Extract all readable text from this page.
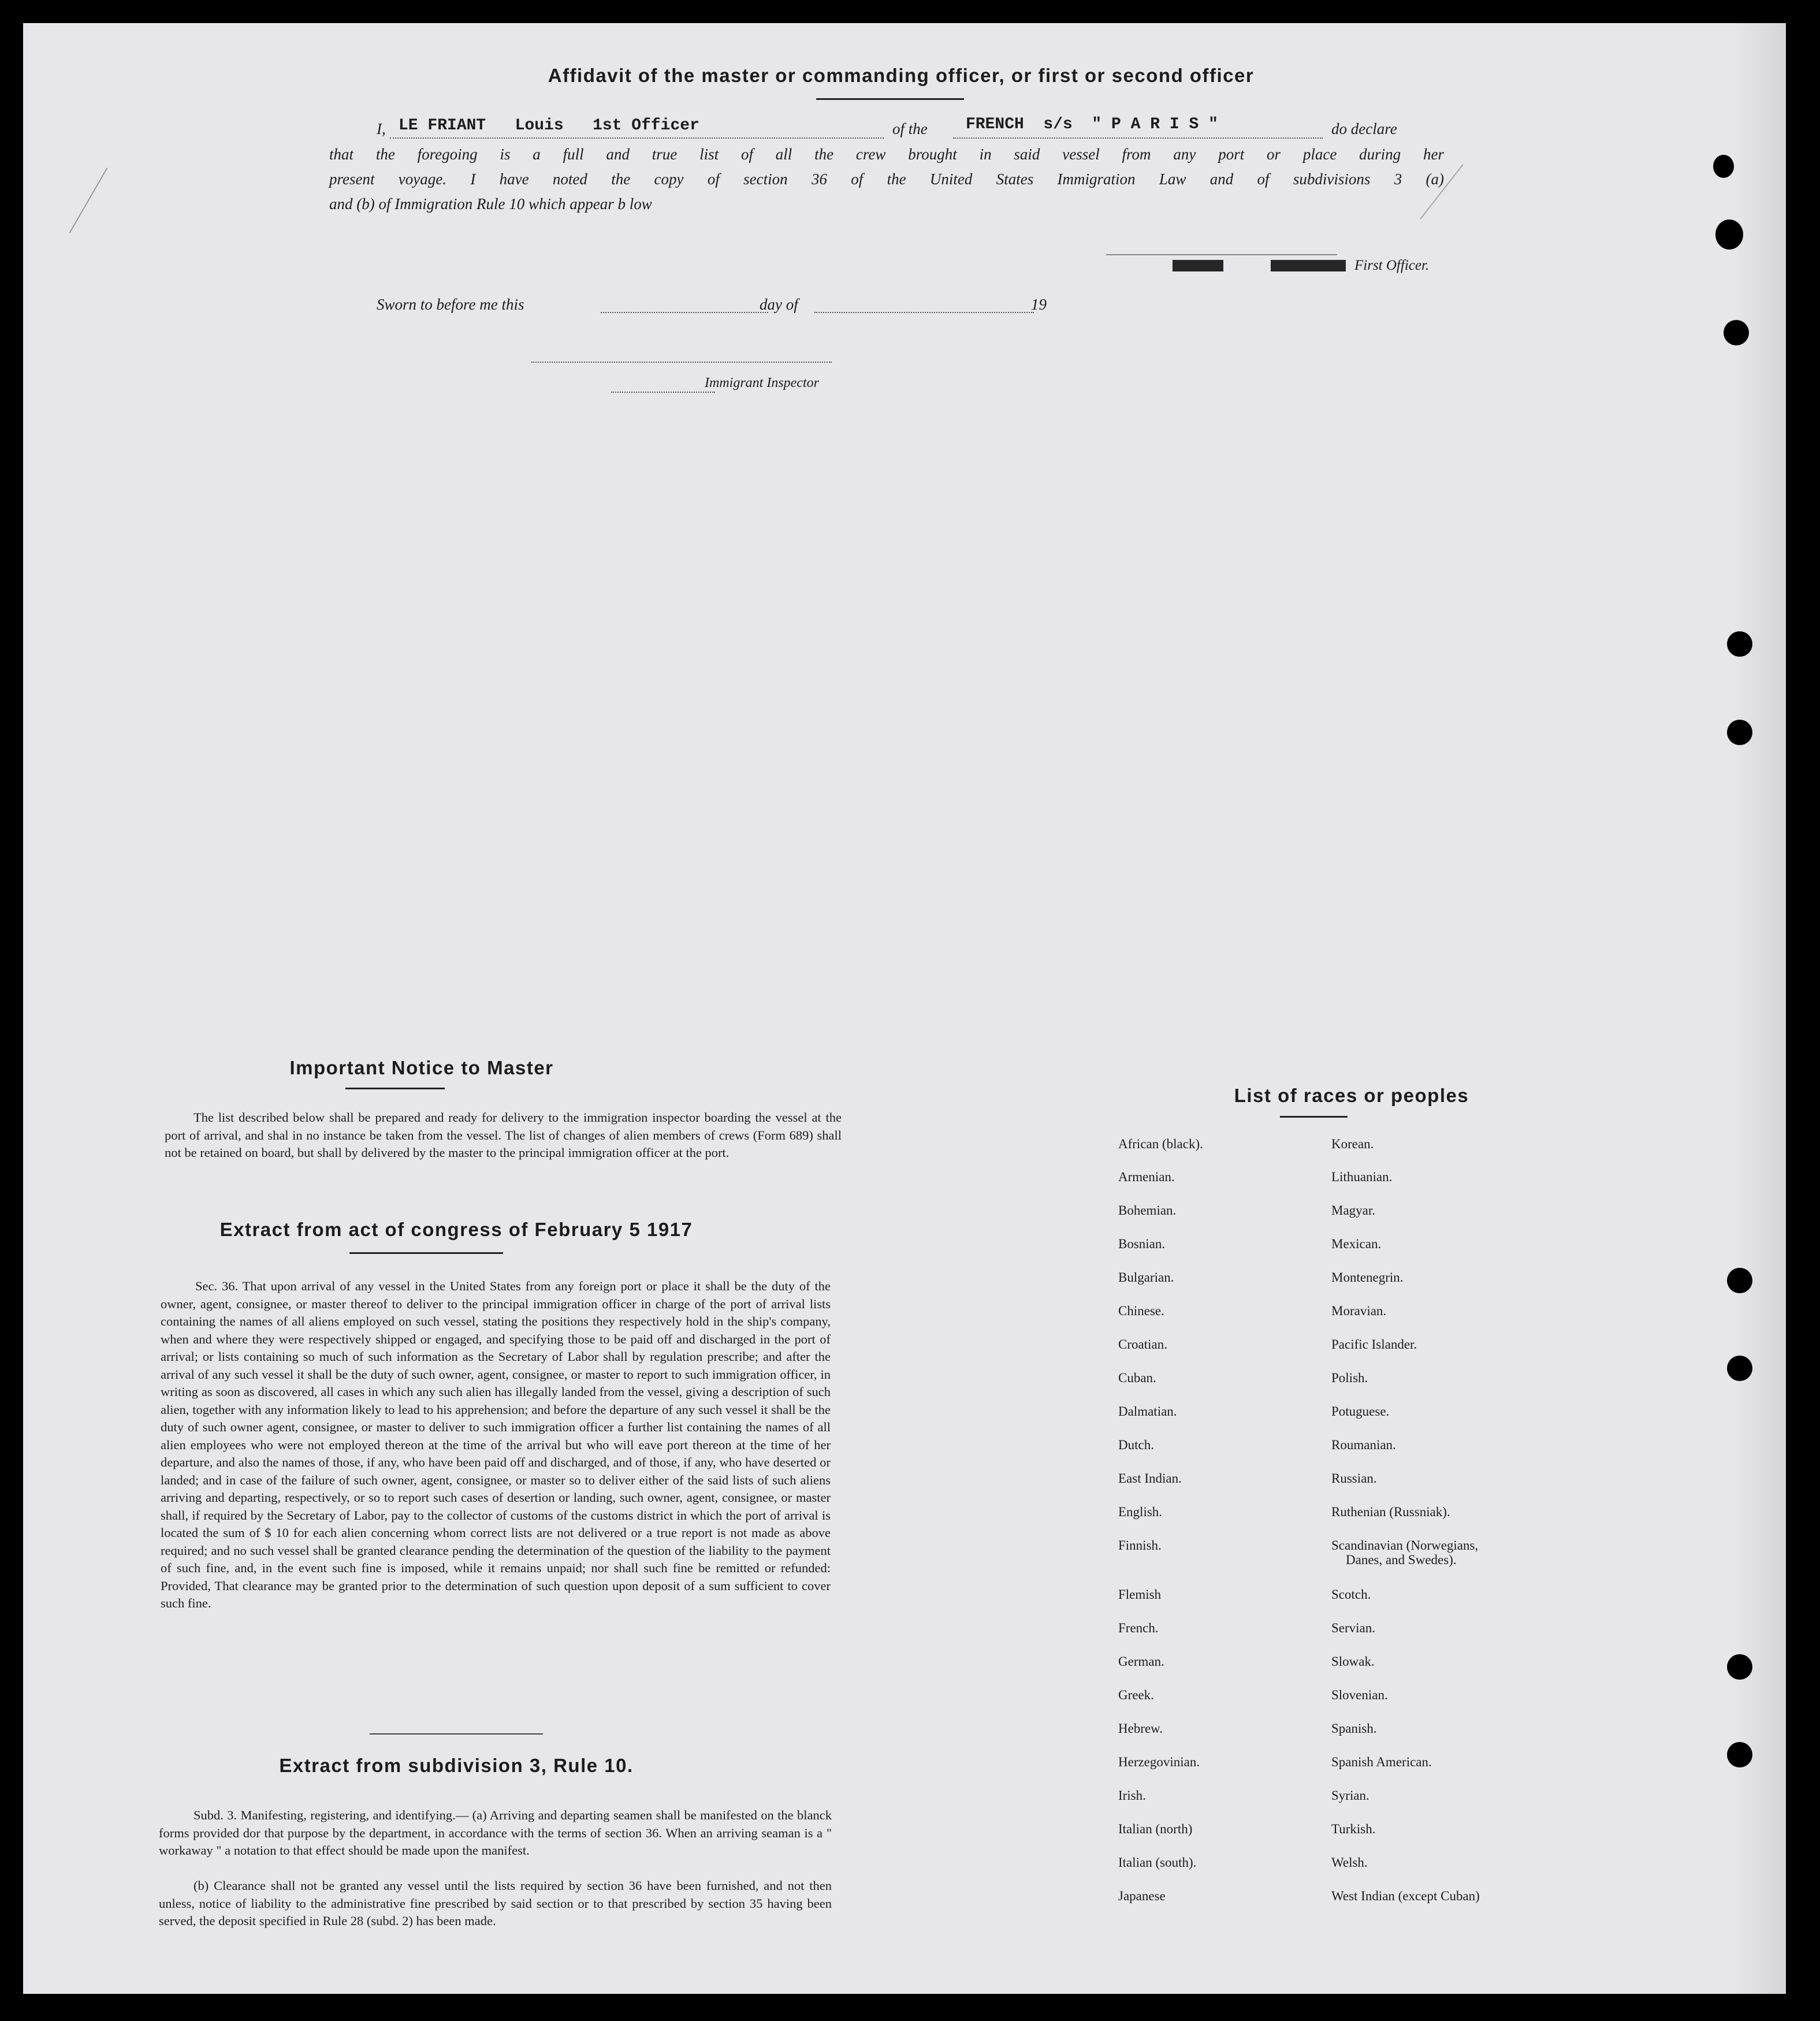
Affidavit of the master or commanding officer, or first or second officer
I, LE FRIANT   Louis   1st Officer	of the FRENCH  s/s  " P A R I S "	do declare
that the foregoing is a full and true list of all the crew brought in said vessel from any port or place during her
present voyage. I have noted the copy of section 36 of the United States Immigration Law and of subdivisions 3 (a)
and (b) of Immigration Rule 10 which appear b low
First Officer.
Sworn to before me this	day of	19
Immigrant Inspector
Important Notice to Master
The list described below shall be prepared and ready for delivery to the immigration inspector boarding the vessel at the port of arrival, and shal in no instance be taken from the vessel. The list of changes of alien members of crews (Form 689) shall not be retained on board, but shall by delivered by the master to the principal immigration officer at the port.
Extract from act of congress of February 5 1917
Sec. 36. That upon arrival of any vessel in the United States from any foreign port or place it shall be the duty of the owner, agent, consignee, or master thereof to deliver to the principal immigration officer in charge of the port of arrival lists containing the names of all aliens employed on such vessel, stating the positions they respectively hold in the ship's company, when and where they were respectively shipped or engaged, and specifying those to be paid off and discharged in the port of arrival; or lists containing so much of such information as the Secretary of Labor shall by regulation prescribe; and after the arrival of any such vessel it shall be the duty of such owner, agent, consignee, or master to report to such immigration officer, in writing as soon as discovered, all cases in which any such alien has illegally landed from the vessel, giving a description of such alien, together with any information likely to lead to his apprehension; and before the departure of any such vessel it shall be the duty of such owner agent, consignee, or master to deliver to such immigration officer a further list containing the names of all alien employees who were not employed thereon at the time of the arrival but who will eave port thereon at the time of her departure, and also the names of those, if any, who have been paid off and discharged, and of those, if any, who have deserted or landed; and in case of the failure of such owner, agent, consignee, or master so to deliver either of the said lists of such aliens arriving and departing, respectively, or so to report such cases of desertion or landing, such owner, agent, consignee, or master shall, if required by the Secretary of Labor, pay to the collector of customs of the customs district in which the port of arrival is located the sum of $ 10 for each alien concerning whom correct lists are not delivered or a true report is not made as above required; and no such vessel shall be granted clearance pending the determination of the question of the liability to the payment of such fine, and, in the event such fine is imposed, while it remains unpaid; nor shall such fine be remitted or refunded: Provided, That clearance may be granted prior to the determination of such question upon deposit of a sum sufficient to cover such fine.
Extract from subdivision 3, Rule 10.
Subd. 3. Manifesting, registering, and identifying.— (a) Arriving and departing seamen shall be manifested on the blanck forms provided dor that purpose by the department, in accordance with the terms of section 36. When an arriving seaman is a " workaway " a notation to that effect should be made upon the manifest.
(b) Clearance shall not be granted any vessel until the lists required by section 36 have been furnished, and not then unless, notice of liability to the administrative fine prescribed by said section or to that prescribed by section 35 having been served, the deposit specified in Rule 28 (subd. 2) has been made.
List of races or peoples
African (black).
Armenian.
Bohemian.
Bosnian.
Bulgarian.
Chinese.
Croatian.
Cuban.
Dalmatian.
Dutch.
East Indian.
English.
Finnish.
Flemish
French.
German.
Greek.
Hebrew.
Herzegovinian.
Irish.
Italian (north)
Italian (south).
Japanese
Korean.
Lithuanian.
Magyar.
Mexican.
Montenegrin.
Moravian.
Pacific Islander.
Polish.
Potuguese.
Roumanian.
Russian.
Ruthenian (Russniak).
Scandinavian (Norwegians,
Danes, and Swedes).
Scotch.
Servian.
Slowak.
Slovenian.
Spanish.
Spanish American.
Syrian.
Turkish.
Welsh.
West Indian (except Cuban)
